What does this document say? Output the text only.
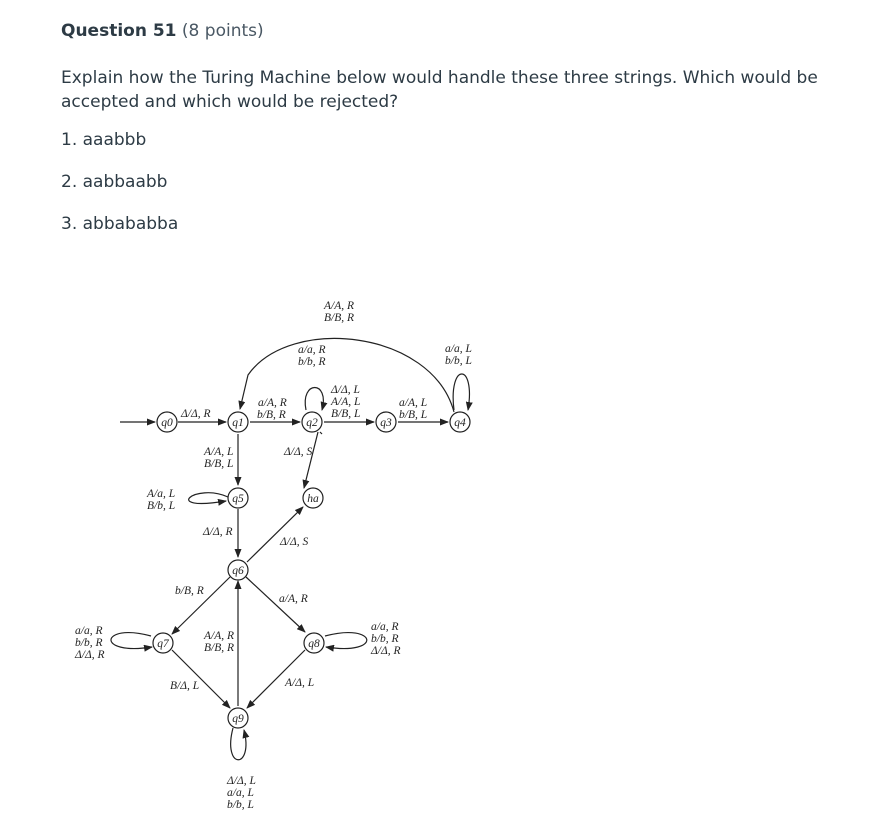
Question 51 (8 points)

Explain how the Turing Machine below would handle these three strings. Which would be accepted and which would be rejected?

1. aaabbb
2. aabbaabb
3. abbababba
q0	q1	q2	q3	q4
ha
q5
q6
q7	q8
q9
Δ/Δ, R
a/A, R
b/B, R
a/a, R
b/b, R
Δ/Δ, L
A/A, L
B/B, L
a/A, L
b/B, L
a/a, L
b/b, L
A/A, R
B/B, R
A/A, L
B/B, L
Δ/Δ, S
A/a, L
B/b, L
Δ/Δ, R
Δ/Δ, S
b/B, R
a/A, R
a/a, R
b/b, R
Δ/Δ, R
a/a, R
b/b, R
Δ/Δ, R
A/A, R
B/B, R
B/Δ, L	A/Δ, L
Δ/Δ, L
a/a, L
b/b, L
